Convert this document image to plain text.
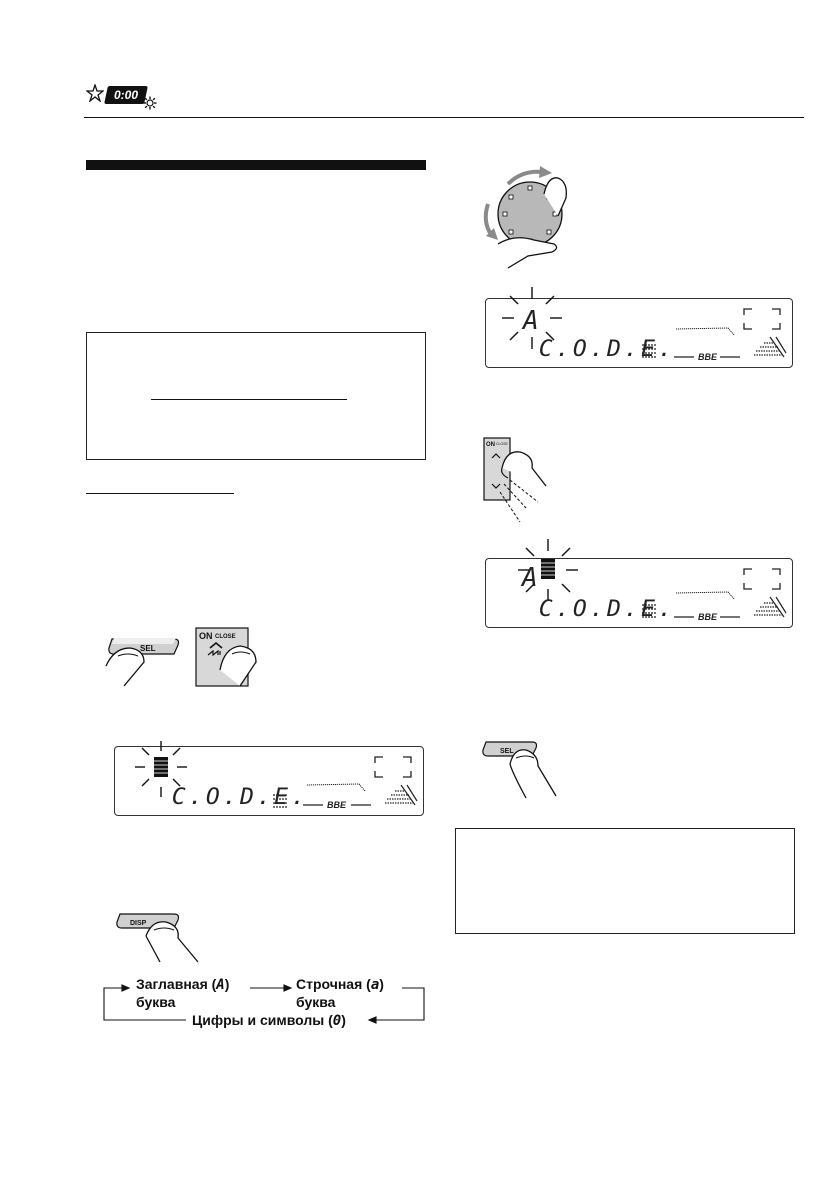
0:00
SEL
ON CLOSE
C.O.D.E. BBE
DISP
Заглавная (A)
буква
Строчная (a)
буква
Цифры и символы (0)
A
C.O.D.E.	BBE
ON CLOSE
A
C.O.D.E.	BBE
SEL
